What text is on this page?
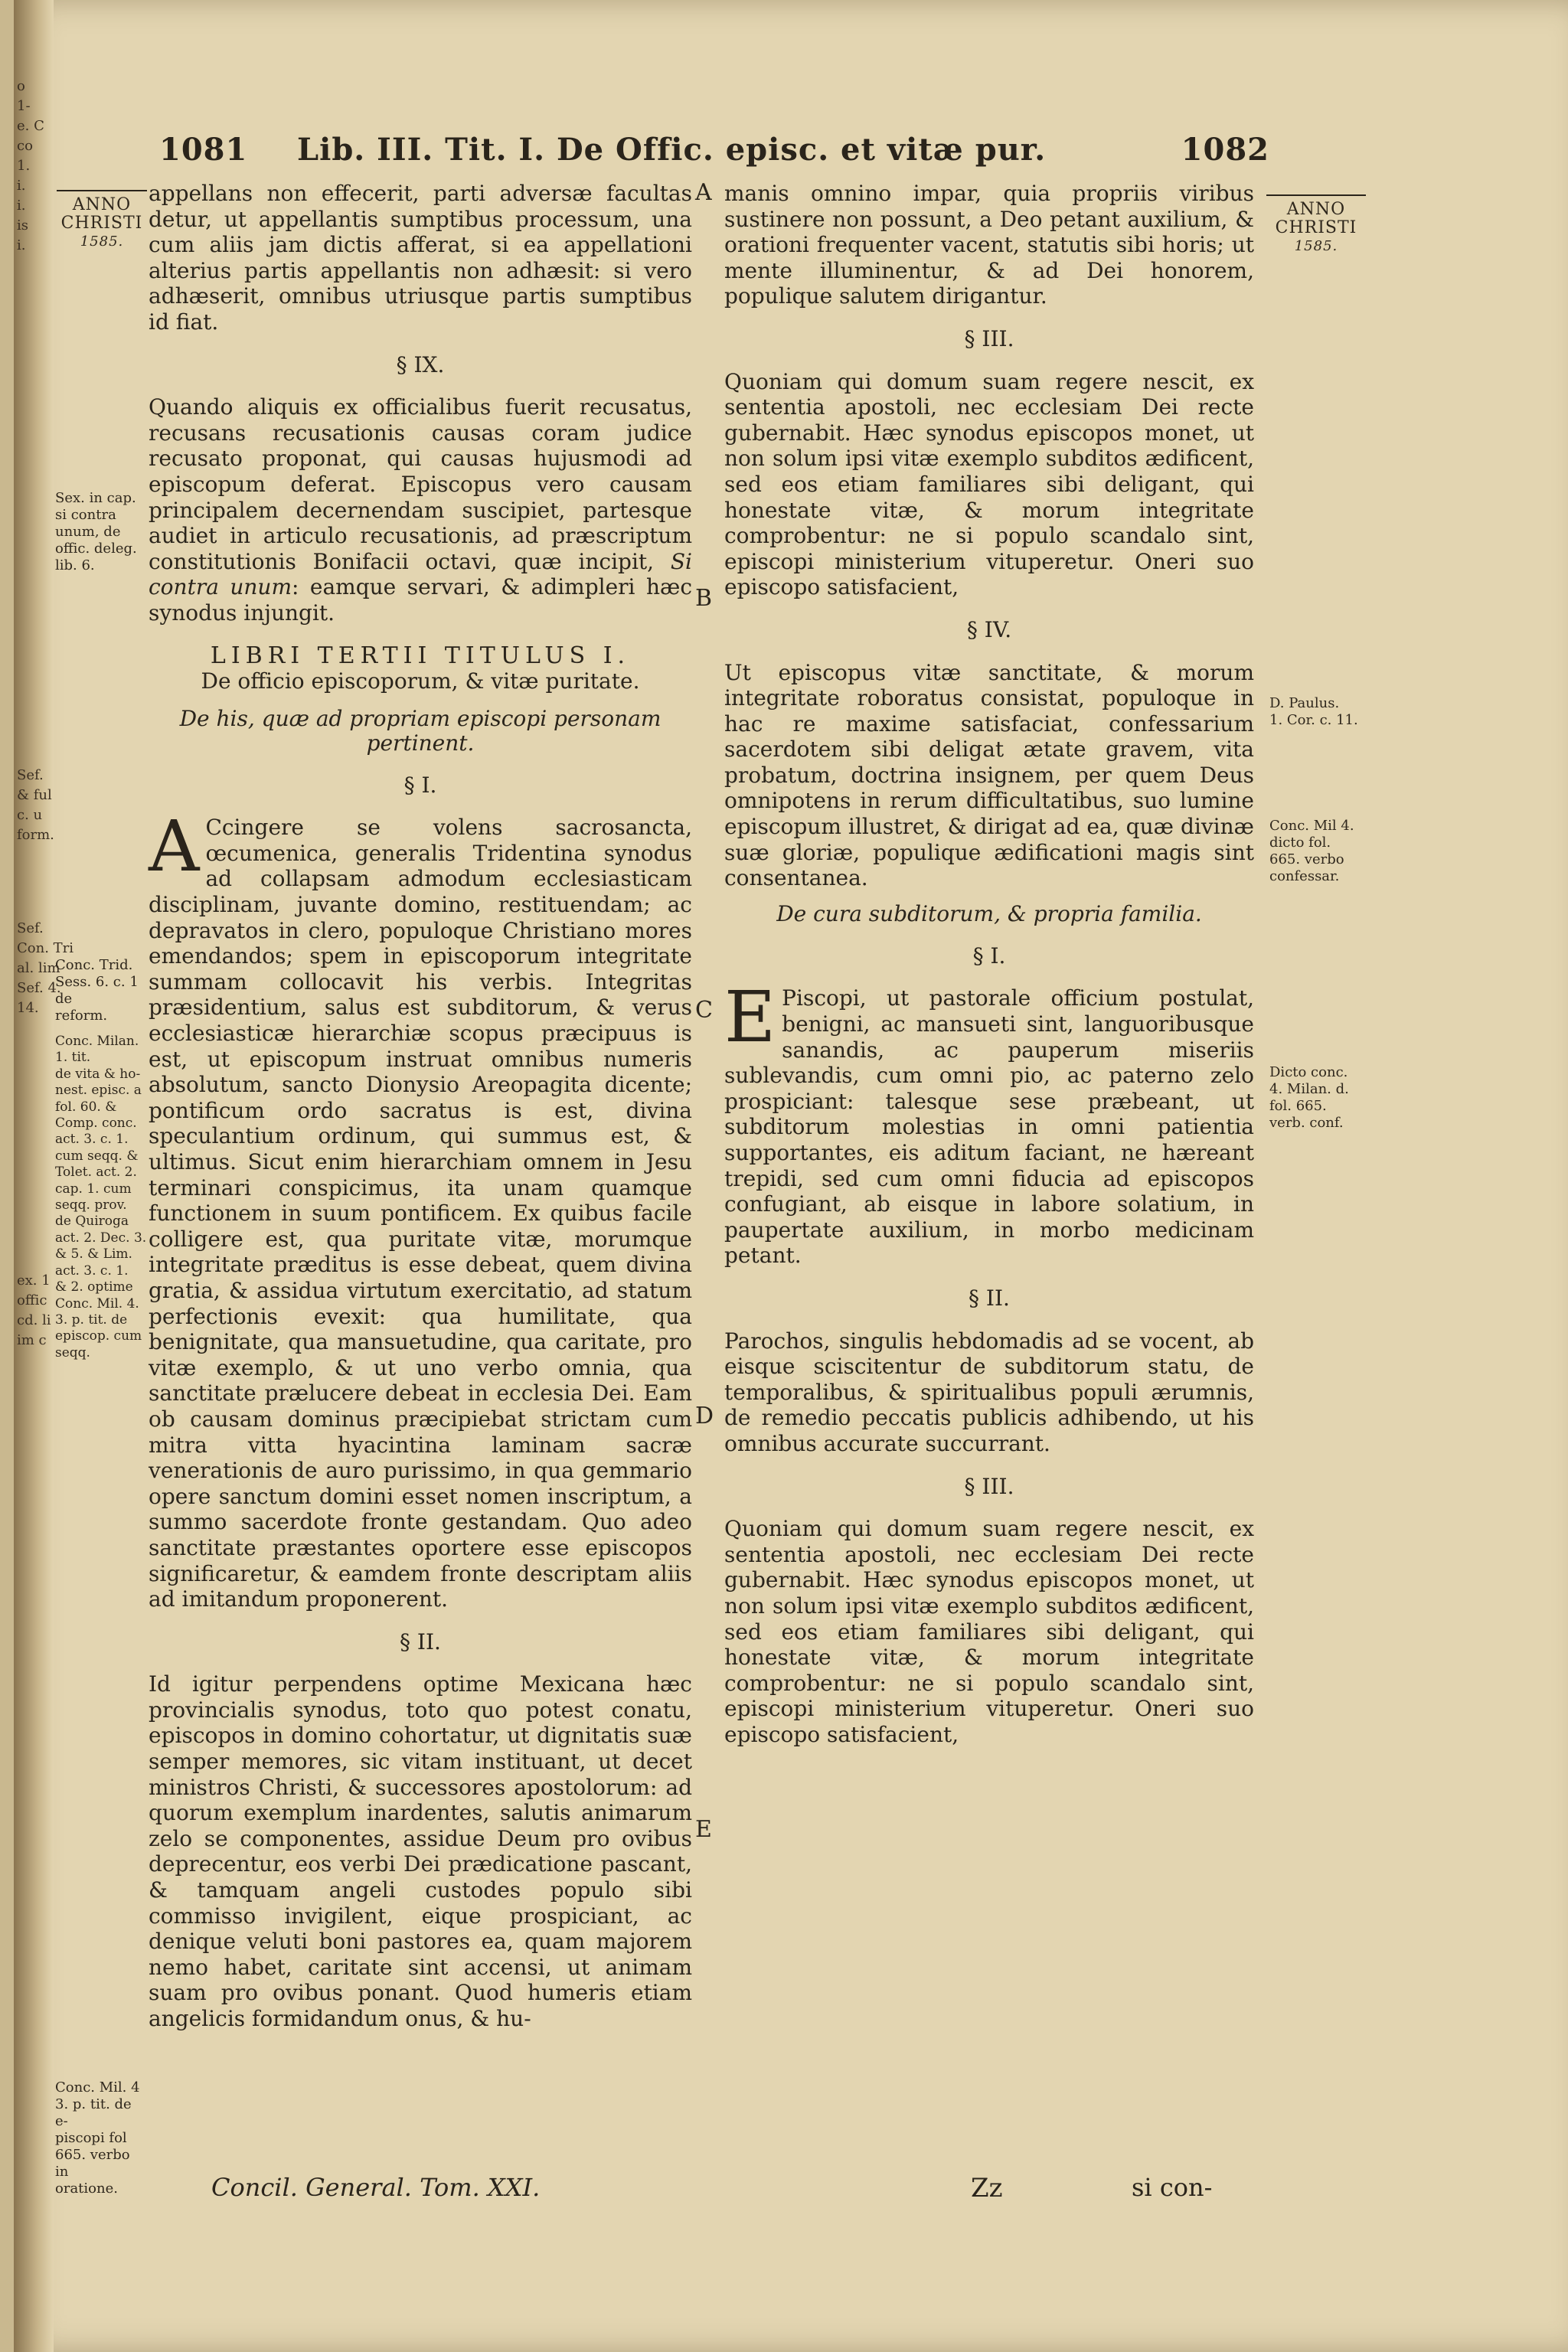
o
1-
e. C
co
1.
i.
i.
is
i.
Sef.
& ful
c. u
form.
Sef.
Con. Tri
al. lim
Sef. 4.
14.
ex. 1
offic
cd. li
im c
1081 Lib. III. Tit. I. De Offic. episc. et vitæ pur.	1082
ANNO
CHRISTI
1585.
ANNO
CHRISTI
1585.
Sex. in cap.
si contra
unum, de
offic. deleg.
lib. 6.
Conc. Trid.
Sess. 6. c. 1 de
reform.
Conc. Milan. 1. tit.
de vita & ho-
nest. episc. a
fol. 60. &
Comp. conc.
act. 3. c. 1.
cum seqq. &
Tolet. act. 2.
cap. 1. cum
seqq. prov.
de Quiroga
act. 2. Dec. 3.
& 5. & Lim.
act. 3. c. 1.
& 2. optime
Conc. Mil. 4.
3. p. tit. de
episcop. cum
seqq.
Conc. Mil. 4
3. p. tit. de e-
piscopi fol
665. verbo in
oratione.
D. Paulus.
1. Cor. c. 11.
Conc. Mil 4.
dicto fol.
665. verbo
confessar.
Dicto conc.
4. Milan. d.
fol. 665.
verb. conf.
A
B
C
D
E

appellans non effecerit, parti adversæ facultas detur, ut appellantis sumptibus processum, una cum aliis jam dictis afferat, si ea appellationi alterius partis appellantis non adhæsit: si vero adhæserit, omnibus utriusque partis sumptibus id fiat.

§ IX.

Quando aliquis ex officialibus fuerit recusatus, recusans recusationis causas coram judice recusato proponat, qui causas hujusmodi ad episcopum deferat. Episcopus vero causam principalem decernendam suscipiet, partesque audiet in articulo recusationis, ad præscriptum constitutionis Bonifacii octavi, quæ incipit, Si contra unum: eamque servari, & adimpleri hæc synodus injungit.

LIBRI TERTII TITULUS I.
De officio episcoporum, & vitæ puritate.
De his, quæ ad propriam episcopi personam pertinent.
§ I.

A Ccingere se volens sacrosancta, œcumenica, generalis Tridentina synodus ad collapsam admodum ecclesiasticam disciplinam, juvante domino, restituendam; ac depravatos in clero, populoque Christiano mores emendandos; spem in episcoporum integritate summam collocavit his verbis. Integritas præsidentium, salus est subditorum, & verus ecclesiasticæ hierarchiæ scopus præcipuus is est, ut episcopum instruat omnibus numeris absolutum, sancto Dionysio Areopagita dicente; pontificum ordo sacratus is est, divina speculantium ordinum, qui summus est, & ultimus. Sicut enim hierarchiam omnem in Jesu terminari conspicimus, ita unam quamque functionem in suum pontificem. Ex quibus facile colligere est, qua puritate vitæ, morumque integritate præditus is esse debeat, quem divina gratia, & assidua virtutum exercitatio, ad statum perfectionis evexit: qua humilitate, qua benignitate, qua mansuetudine, qua caritate, pro vitæ exemplo, & ut uno verbo omnia, qua sanctitate prælucere debeat in ecclesia Dei. Eam ob causam dominus præcipiebat strictam cum mitra vitta hyacintina laminam sacræ venerationis de auro purissimo, in qua gemmario opere sanctum domini esset nomen inscriptum, a summo sacerdote fronte gestandam. Quo adeo sanctitate præstantes oportere esse episcopos significaretur, & eamdem fronte descriptam aliis ad imitandum proponerent.

§ II.

Id igitur perpendens optime Mexicana hæc provincialis synodus, toto quo potest conatu, episcopos in domino cohortatur, ut dignitatis suæ semper memores, sic vitam instituant, ut decet ministros Christi, & successores apostolorum: ad quorum exemplum inardentes, salutis animarum zelo se componentes, assidue Deum pro ovibus deprecentur, eos verbi Dei prædicatione pascant, & tamquam angeli custodes populo sibi commisso invigilent, eique prospiciant, ac denique veluti boni pastores ea, quam majorem nemo habet, caritate sint accensi, ut animam suam pro ovibus ponant. Quod humeris etiam angelicis formidandum onus, & hu-

manis omnino impar, quia propriis viribus sustinere non possunt, a Deo petant auxilium, & orationi frequenter vacent, statutis sibi horis; ut mente illuminentur, & ad Dei honorem, populique salutem dirigantur.

§ III.

Quoniam qui domum suam regere nescit, ex sententia apostoli, nec ecclesiam Dei recte gubernabit. Hæc synodus episcopos monet, ut non solum ipsi vitæ exemplo subditos ædificent, sed eos etiam familiares sibi deligant, qui honestate vitæ, & morum integritate comprobentur: ne si populo scandalo sint, episcopi ministerium vituperetur. Oneri suo episcopo satisfacient,

§ IV.

Ut episcopus vitæ sanctitate, & morum integritate roboratus consistat, populoque in hac re maxime satisfaciat, confessarium sacerdotem sibi deligat ætate gravem, vita probatum, doctrina insignem, per quem Deus omnipotens in rerum difficultatibus, suo lumine episcopum illustret, & dirigat ad ea, quæ divinæ suæ gloriæ, populique ædificationi magis sint consentanea.

De cura subditorum, & propria familia.
§ I.

E Piscopi, ut pastorale officium postulat, benigni, ac mansueti sint, languoribusque sanandis, ac pauperum miseriis sublevandis, cum omni pio, ac paterno zelo prospiciant: talesque sese præbeant, ut subditorum molestias in omni patientia supportantes, eis aditum faciant, ne hæreant trepidi, sed cum omni fiducia ad episcopos confugiant, ab eisque in labore solatium, in paupertate auxilium, in morbo medicinam petant.

§ II.

Parochos, singulis hebdomadis ad se vocent, ab eisque sciscitentur de subditorum statu, de temporalibus, & spiritualibus populi ærumnis, de remedio peccatis publicis adhibendo, ut his omnibus accurate succurrant.

§ III.

Quoniam qui domum suam regere nescit, ex sententia apostoli, nec ecclesiam Dei recte gubernabit. Hæc synodus episcopos monet, ut non solum ipsi vitæ exemplo subditos ædificent, sed eos etiam familiares sibi deligant, qui honestate vitæ, & morum integritate comprobentur: ne si populo scandalo sint, episcopi ministerium vituperetur. Oneri suo episcopo satisfacient,

Concil. General. Tom. XXI.	Zz	si con-
